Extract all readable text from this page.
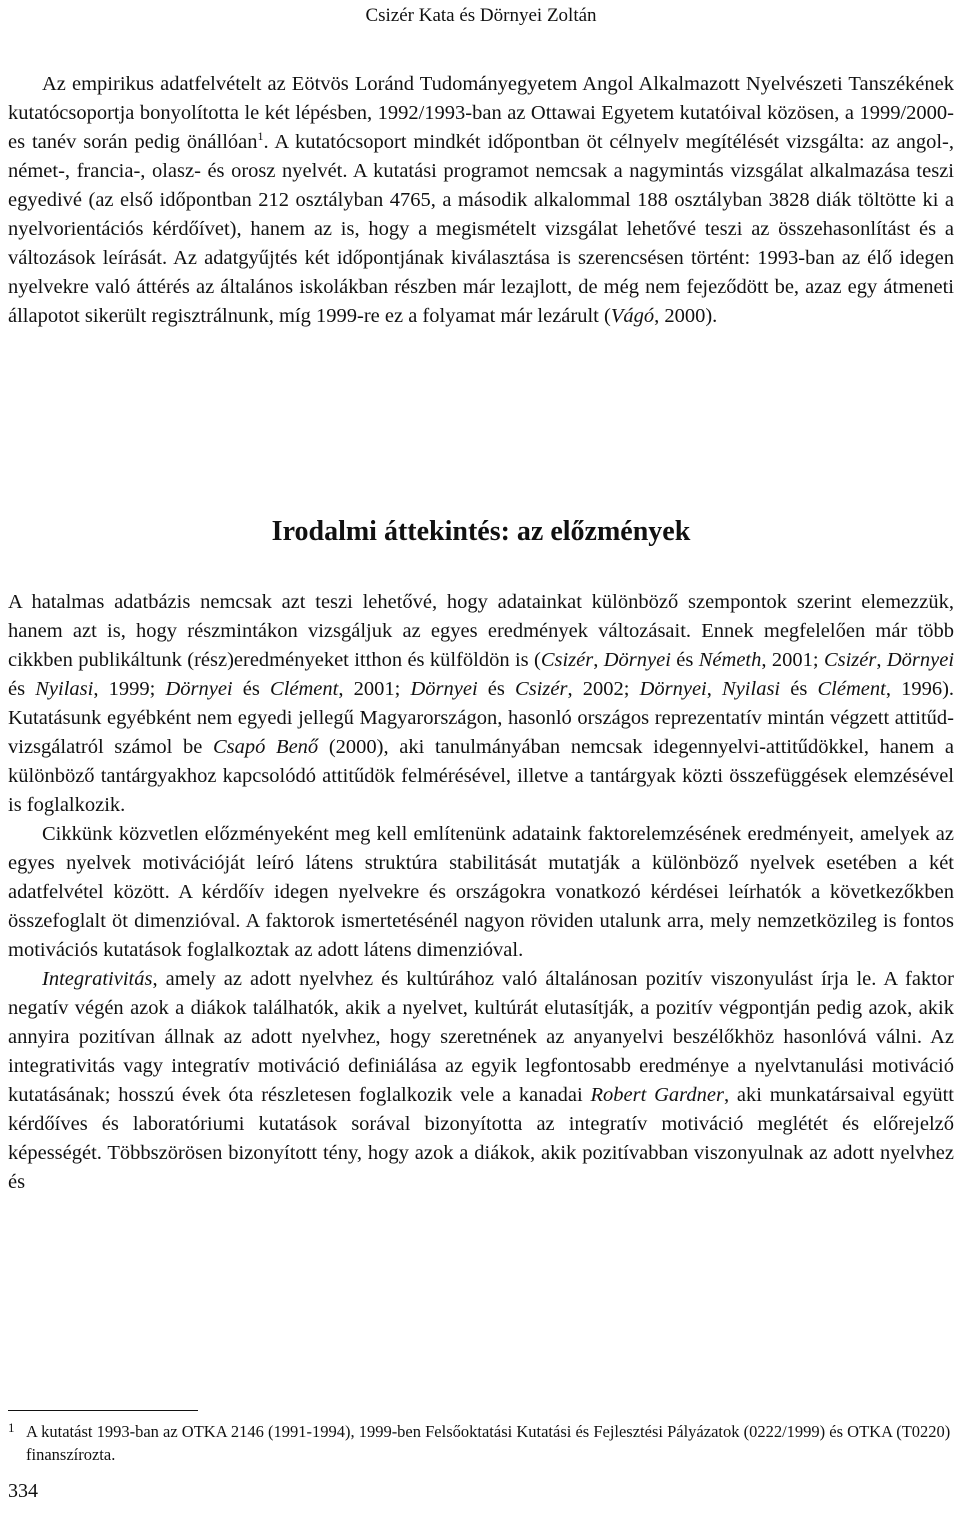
Csizér Kata és Dörnyei Zoltán

Az empirikus adatfelvételt az Eötvös Loránd Tudományegyetem Angol Alkalmazott Nyelvészeti Tanszékének kutatócsoportja bonyolította le két lépésben, 1992/1993-ban az Ottawai Egyetem kutatóival közösen, a 1999/2000-es tanév során pedig önállóan$^1$. A kutatócsoport mindkét időpontban öt célnyelv megítélését vizsgálta: az angol-, német-, francia-, olasz- és orosz nyelvét. A kutatási programot nemcsak a nagymintás vizsgálat alkalmazása teszi egyedivé (az első időpontban 212 osztályban 4765, a második alkalommal 188 osztályban 3828 diák töltötte ki a nyelvorientációs kérdőívet), hanem az is, hogy a megismételt vizsgálat lehetővé teszi az összehasonlítást és a változások leírását. Az adatgyűjtés két időpontjának kiválasztása is szerencsésen történt: 1993-ban az élő idegen nyelvekre való áttérés az általános iskolákban részben már lezajlott, de még nem fejeződött be, azaz egy átmeneti állapotot sikerült regisztrálnunk, míg 1999-re ez a folyamat már lezárult (Vágó, 2000).

Irodalmi áttekintés: az előzmények

A hatalmas adatbázis nemcsak azt teszi lehetővé, hogy adatainkat különböző szempontok szerint elemezzük, hanem azt is, hogy részmintákon vizsgáljuk az egyes eredmények változásait. Ennek megfelelően már több cikkben publikáltunk (rész)eredményeket itthon és külföldön is (Csizér, Dörnyei és Németh, 2001; Csizér, Dörnyei és Nyilasi, 1999; Dörnyei és Clément, 2001; Dörnyei és Csizér, 2002; Dörnyei, Nyilasi és Clément, 1996). Kutatásunk egyébként nem egyedi jellegű Magyarországon, hasonló országos reprezentatív mintán végzett attitűd-vizsgálatról számol be Csapó Benő (2000), aki tanulmányában nemcsak idegennyelvi-attitűdökkel, hanem a különböző tantárgyakhoz kapcsolódó attitűdök felmérésével, illetve a tantárgyak közti összefüggések elemzésével is foglalkozik.

Cikkünk közvetlen előzményeként meg kell említenünk adataink faktorelemzésének eredményeit, amelyek az egyes nyelvek motivációját leíró látens struktúra stabilitását mutatják a különböző nyelvek esetében a két adatfelvétel között. A kérdőív idegen nyelvekre és országokra vonatkozó kérdései leírhatók a következőkben összefoglalt öt dimenzióval. A faktorok ismertetésénél nagyon röviden utalunk arra, mely nemzetközileg is fontos motivációs kutatások foglalkoztak az adott látens dimenzióval.

Integrativitás, amely az adott nyelvhez és kultúrához való általánosan pozitív viszonyulást írja le. A faktor negatív végén azok a diákok találhatók, akik a nyelvet, kultúrát elutasítják, a pozitív végpontján pedig azok, akik annyira pozitívan állnak az adott nyelvhez, hogy szeretnének az anyanyelvi beszélőkhöz hasonlóvá válni. Az integrativitás vagy integratív motiváció definiálása az egyik legfontosabb eredménye a nyelvtanulási motiváció kutatásának; hosszú évek óta részletesen foglalkozik vele a kanadai Robert Gardner, aki munkatársaival együtt kérdőíves és laboratóriumi kutatások sorával bizonyította az integratív motiváció meglétét és előrejelző képességét. Többszörösen bizonyított tény, hogy azok a diákok, akik pozitívabban viszonyulnak az adott nyelvhez és

1 A kutatást 1993-ban az OTKA 2146 (1991-1994), 1999-ben Felsőoktatási Kutatási és Fejlesztési Pályázatok (0222/1999) és OTKA (T0220) finanszírozta.
334
